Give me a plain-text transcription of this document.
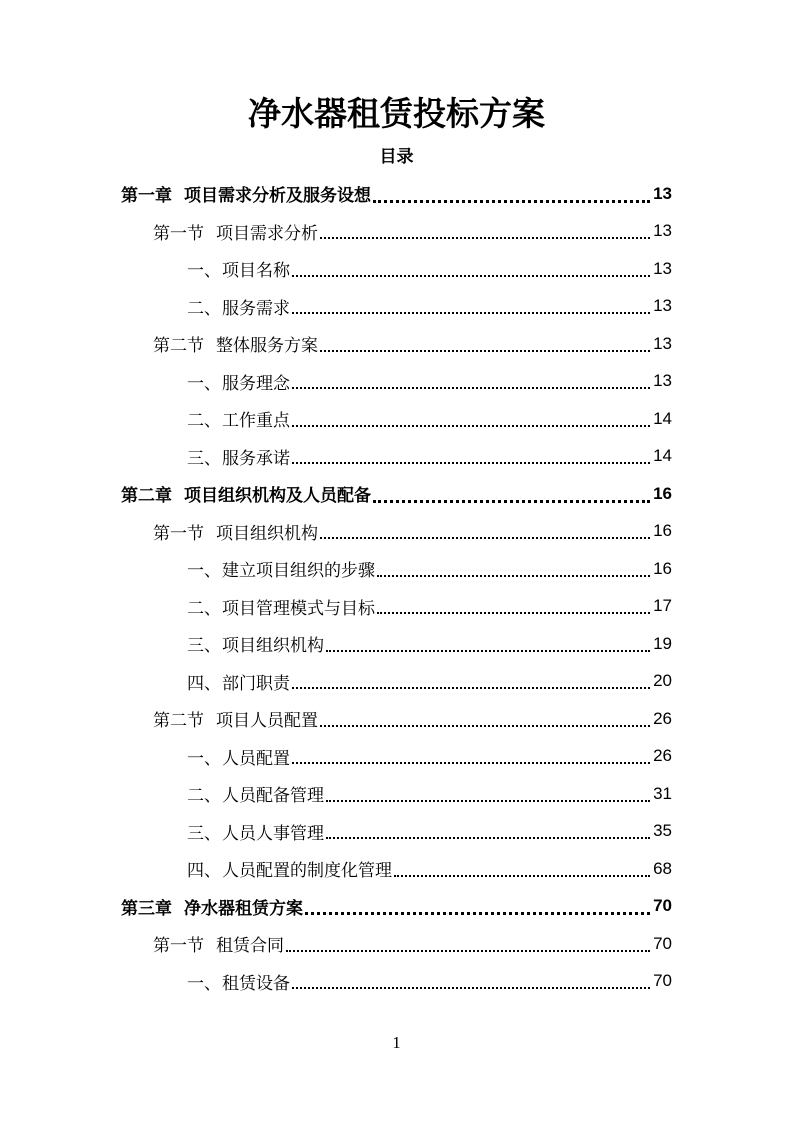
净水器租赁投标方案
目录
第一章 项目需求分析及服务设想	13
第一节 项目需求分析	13
一、 项目名称	13
二、 服务需求	13
第二节 整体服务方案	13
一、 服务理念	13
二、 工作重点	14
三、 服务承诺	14
第二章 项目组织机构及人员配备	16
第一节 项目组织机构	16
一、 建立项目组织的步骤	16
二、 项目管理模式与目标	17
三、 项目组织机构	19
四、 部门职责	20
第二节 项目人员配置	26
一、 人员配置	26
二、 人员配备管理	31
三、 人员人事管理	35
四、 人员配置的制度化管理	68
第三章 净水器租赁方案	70
第一节 租赁合同	70
一、 租赁设备	70
1
